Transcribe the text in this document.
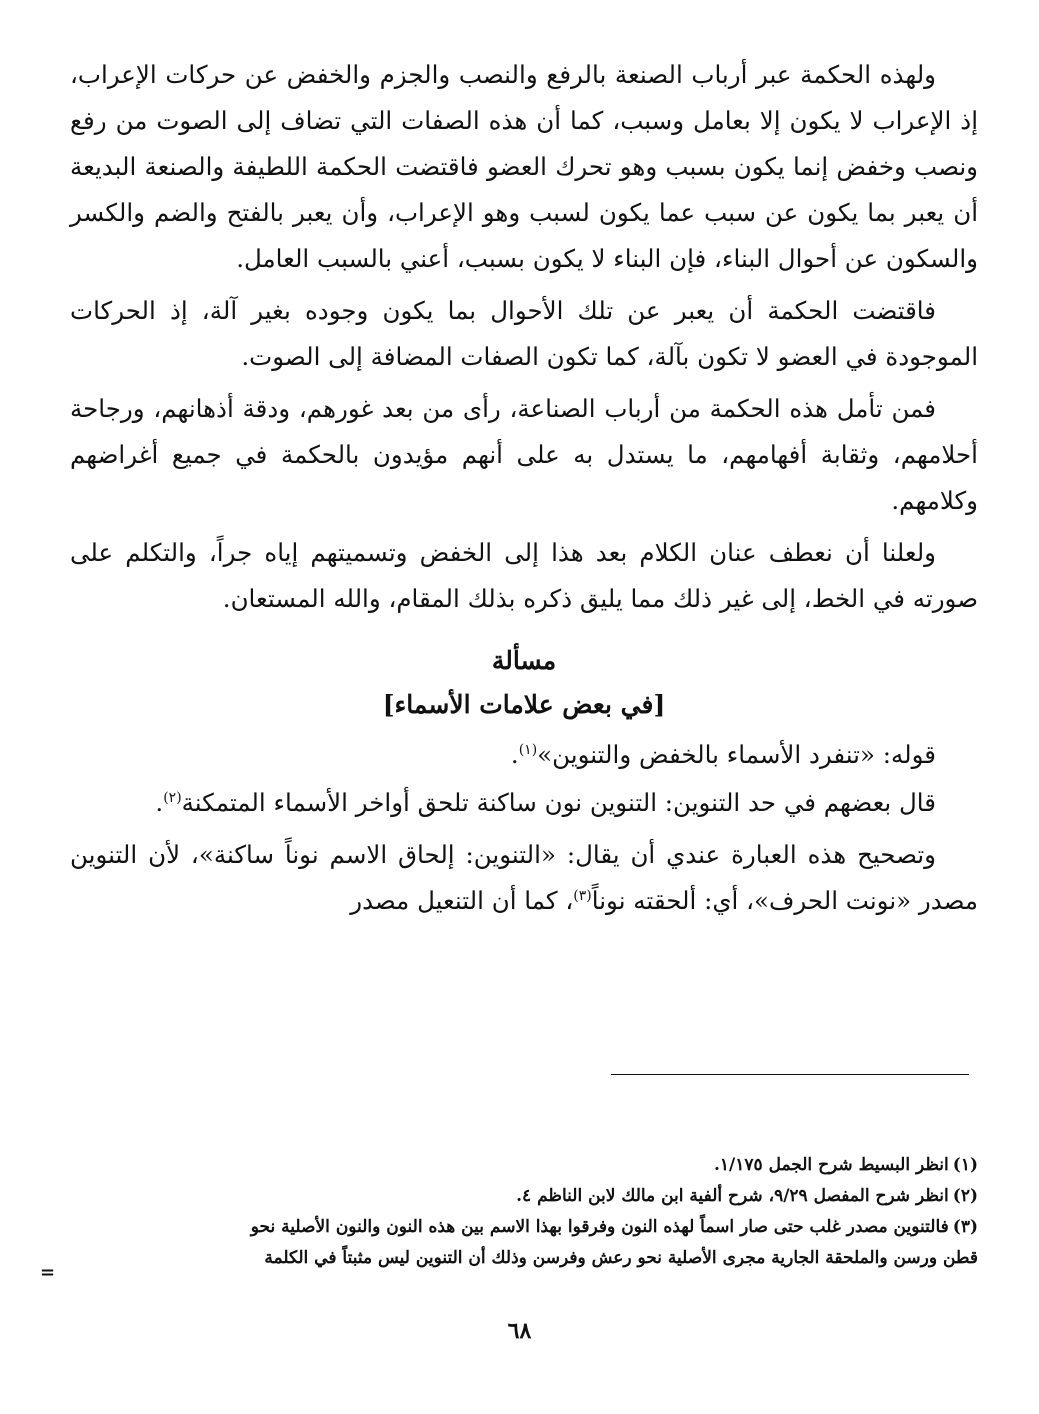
ولهذه الحكمة عبر أرباب الصنعة بالرفع والنصب والجزم والخفض عن حركات الإعراب، إذ الإعراب لا يكون إلا بعامل وسبب، كما أن هذه الصفات التي تضاف إلى الصوت من رفع ونصب وخفض إنما يكون بسبب وهو تحرك العضو فاقتضت الحكمة اللطيفة والصنعة البديعة أن يعبر بما يكون عن سبب عما يكون لسبب وهو الإعراب، وأن يعبر بالفتح والضم والكسر والسكون عن أحوال البناء، فإن البناء لا يكون بسبب، أعني بالسبب العامل.

فاقتضت الحكمة أن يعبر عن تلك الأحوال بما يكون وجوده بغير آلة، إذ الحركات الموجودة في العضو لا تكون بآلة، كما تكون الصفات المضافة إلى الصوت.

فمن تأمل هذه الحكمة من أرباب الصناعة، رأى من بعد غورهم، ودقة أذهانهم، ورجاحة أحلامهم، وثقابة أفهامهم، ما يستدل به على أنهم مؤيدون بالحكمة في جميع أغراضهم وكلامهم.

ولعلنا أن نعطف عنان الكلام بعد هذا إلى الخفض وتسميتهم إياه جراً، والتكلم على صورته في الخط، إلى غير ذلك مما يليق ذكره بذلك المقام، والله المستعان.

مسألة
[في بعض علامات الأسماء]

قوله: «تنفرد الأسماء بالخفض والتنوين»$^{(١)}$.

قال بعضهم في حد التنوين: التنوين نون ساكنة تلحق أواخر الأسماء المتمكنة$^{(٢)}$.

وتصحيح هذه العبارة عندي أن يقال: «التنوين: إلحاق الاسم نوناً ساكنة»، لأن التنوين مصدر «نونت الحرف»، أي: ألحقته نوناً$^{(٣)}$، كما أن التنعيل مصدر

(١)انظر البسيط شرح الجمل ١/١٧٥.

(٢)انظر شرح المفصل ٩/٢٩، شرح ألفية ابن مالك لابن الناظم ٤.

(٣)فالتنوين مصدر غلب حتى صار اسماً لهذه النون وفرقوا بهذا الاسم بين هذه النون والنون الأصلية نحو

قطن ورسن والملحقة الجارية مجرى الأصلية نحو رعش وفرسن وذلك أن التنوين ليس مثبتاً في الكلمة

=
٦٨
